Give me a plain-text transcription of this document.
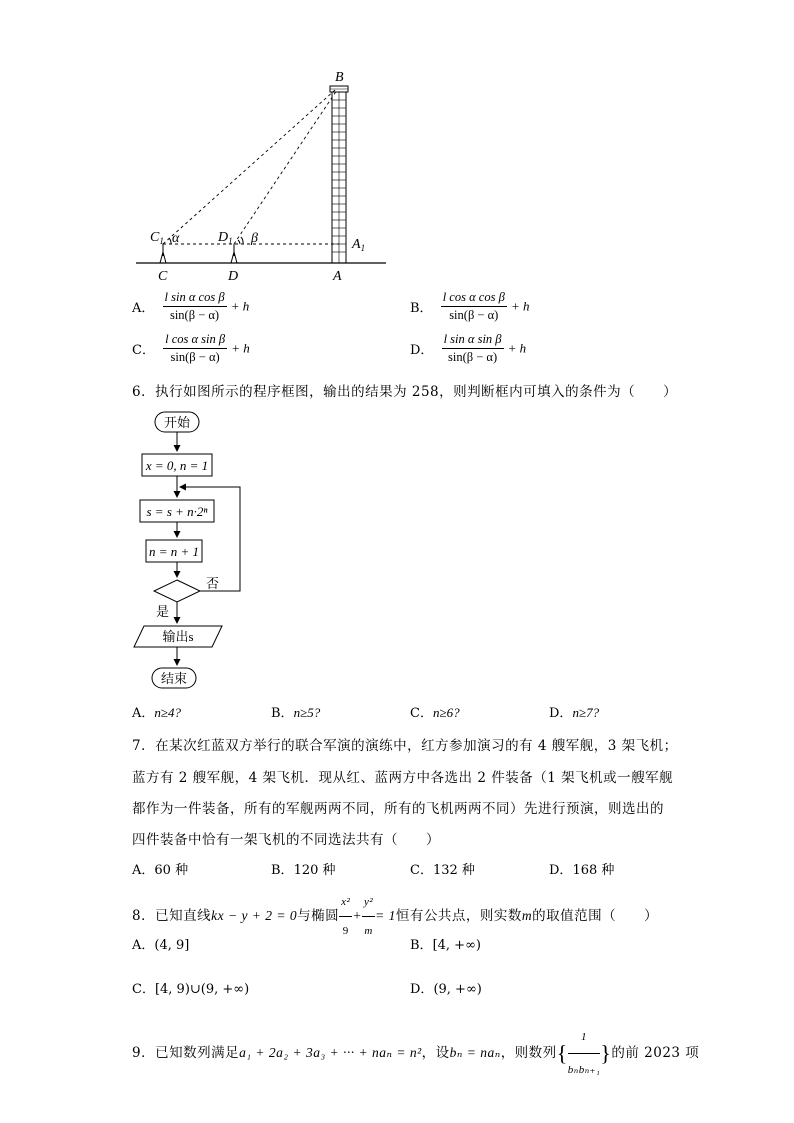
B
$C_1$ α	$D_1$ β	$A_1$
C	D	A
A． $\frac{\text{l sin α cos β}}{\sin(\beta - \alpha)} + h$	B． $\frac{\text{l cos α cos β}}{\sin(\beta - \alpha)} + h$
C． $\frac{\text{l cos α sin β}}{\sin(\beta - \alpha)} + h$	D． $\frac{\text{l sin α sin β}}{\sin(\beta - \alpha)} + h$
6．执行如图所示的程序框图，输出的结果为 258，则判断框内可填入的条件为（　　）
开始
x = 0, n = 1
s = s + n·2ⁿ
n = n + 1
否
是
输出s
结束
A．n≥4?	B．n≥5?	C．n≥6?	D．n≥7?
7．在某次红蓝双方举行的联合军演的演练中，红方参加演习的有 4 艘军舰，3 架飞机；
蓝方有 2 艘军舰，4 架飞机．现从红、蓝两方中各选出 2 件装备（1 架飞机或一艘军舰
都作为一件装备，所有的军舰两两不同，所有的飞机两两不同）先进行预演，则选出的
四件装备中恰有一架飞机的不同选法共有（　　）
A．60 种	B．120 种	C．132 种	D．168 种
8．已知直线kx − y + 2 = 0与椭圆 $\frac{\text{x²}}{9} + \frac{\text{y²}}{m} = 1$恒有公共点，则实数m的取值范围（　　）
A．(4, 9]	B．[4, +∞)
C．[4, 9)∪(9, +∞)	D．(9, +∞)
9．已知数列满足a₁ + 2a₂ + 3a₃ + ··· + naₙ = n²，设bₙ = naₙ，则数列{ $\frac{1}{\text{bₙbₙ₊₁}}$ }的前 2023 项
